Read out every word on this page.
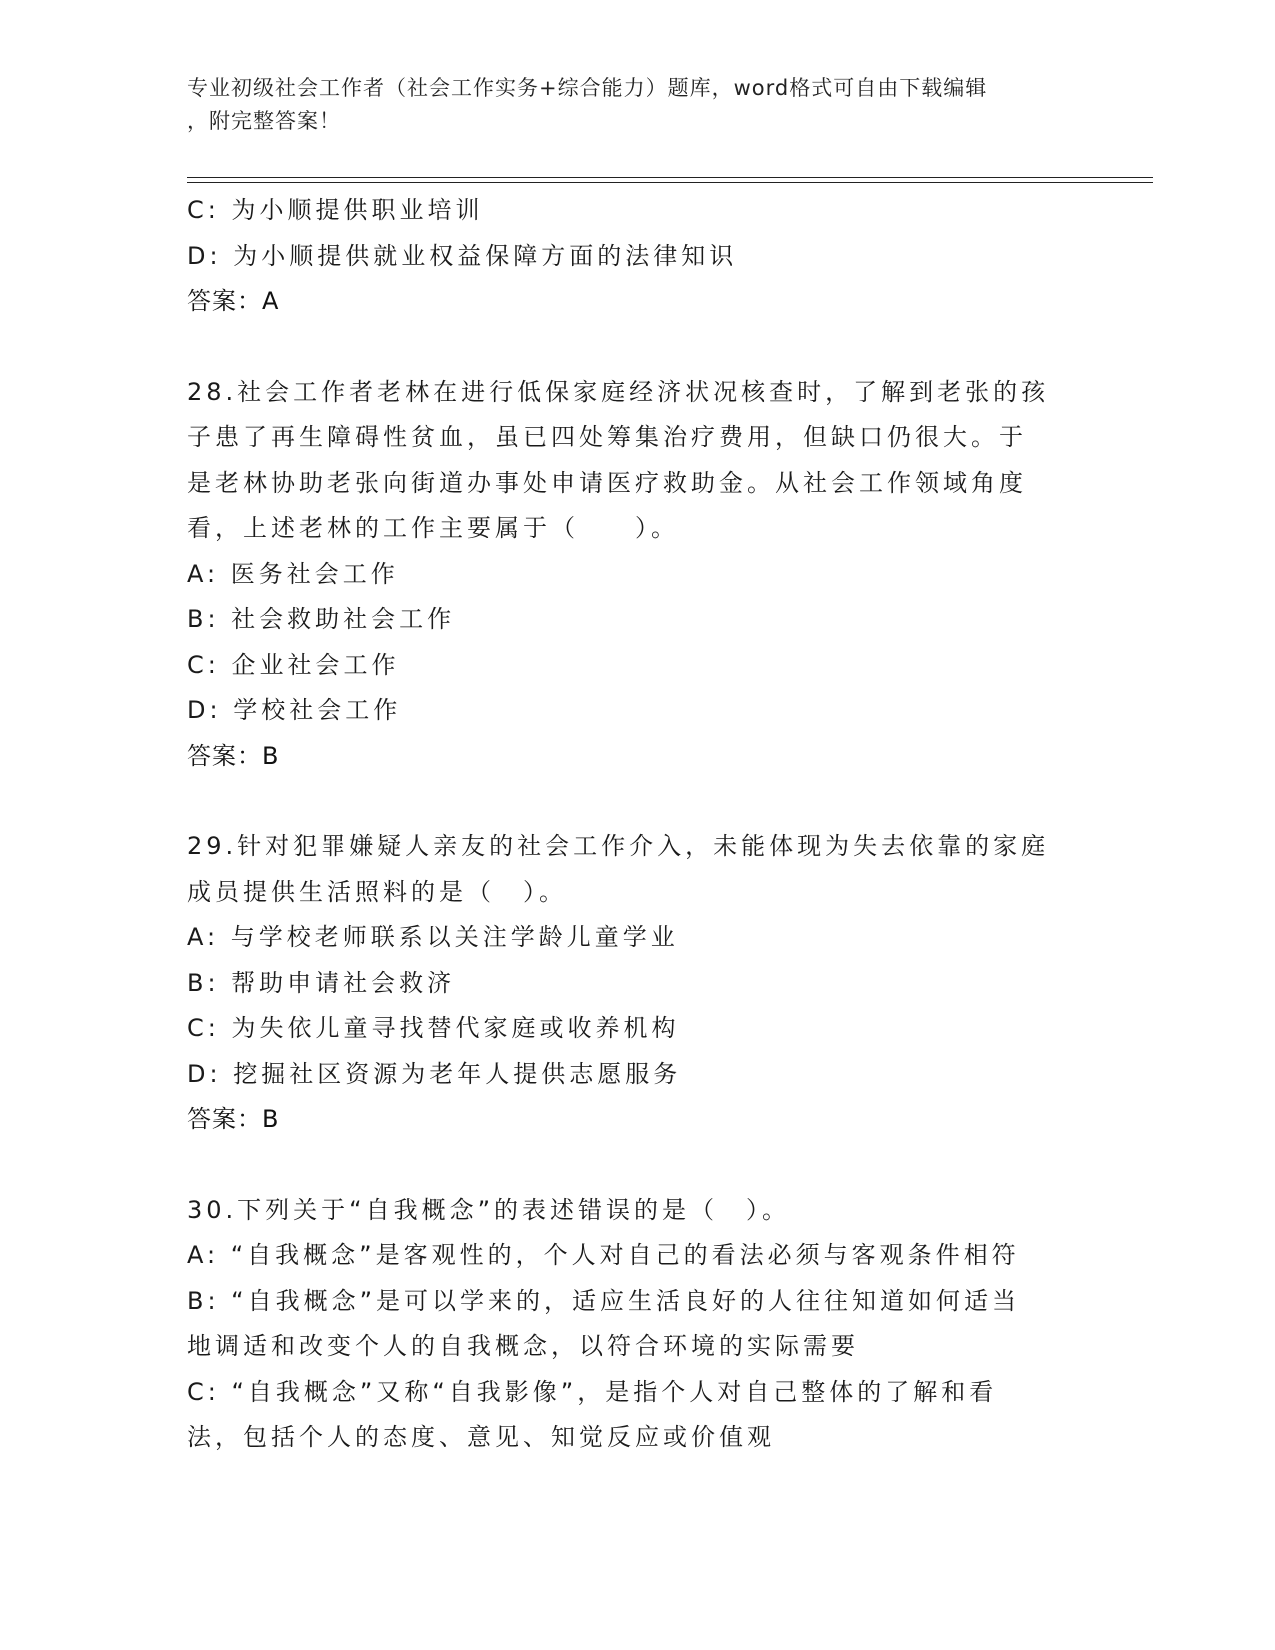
专业初级社会工作者（社会工作实务+综合能力）题库，word格式可自由下载编辑
，附完整答案！
C: 为小顺提供职业培训
D: 为小顺提供就业权益保障方面的法律知识
答案：A
28.社会工作者老林在进行低保家庭经济状况核查时，了解到老张的孩
子患了再生障碍性贫血，虽已四处筹集治疗费用，但缺口仍很大。于
是老林协助老张向街道办事处申请医疗救助金。从社会工作领域角度
看，上述老林的工作主要属于（　　）。
A: 医务社会工作
B: 社会救助社会工作
C: 企业社会工作
D: 学校社会工作
答案：B
29.针对犯罪嫌疑人亲友的社会工作介入，未能体现为失去依靠的家庭
成员提供生活照料的是（　）。
A: 与学校老师联系以关注学龄儿童学业
B: 帮助申请社会救济
C: 为失依儿童寻找替代家庭或收养机构
D: 挖掘社区资源为老年人提供志愿服务
答案：B
30.下列关于“自我概念”的表述错误的是（　）。
A: “自我概念”是客观性的，个人对自己的看法必须与客观条件相符
B: “自我概念”是可以学来的，适应生活良好的人往往知道如何适当
地调适和改变个人的自我概念，以符合环境的实际需要
C: “自我概念”又称“自我影像”，是指个人对自己整体的了解和看
法，包括个人的态度、意见、知觉反应或价值观
